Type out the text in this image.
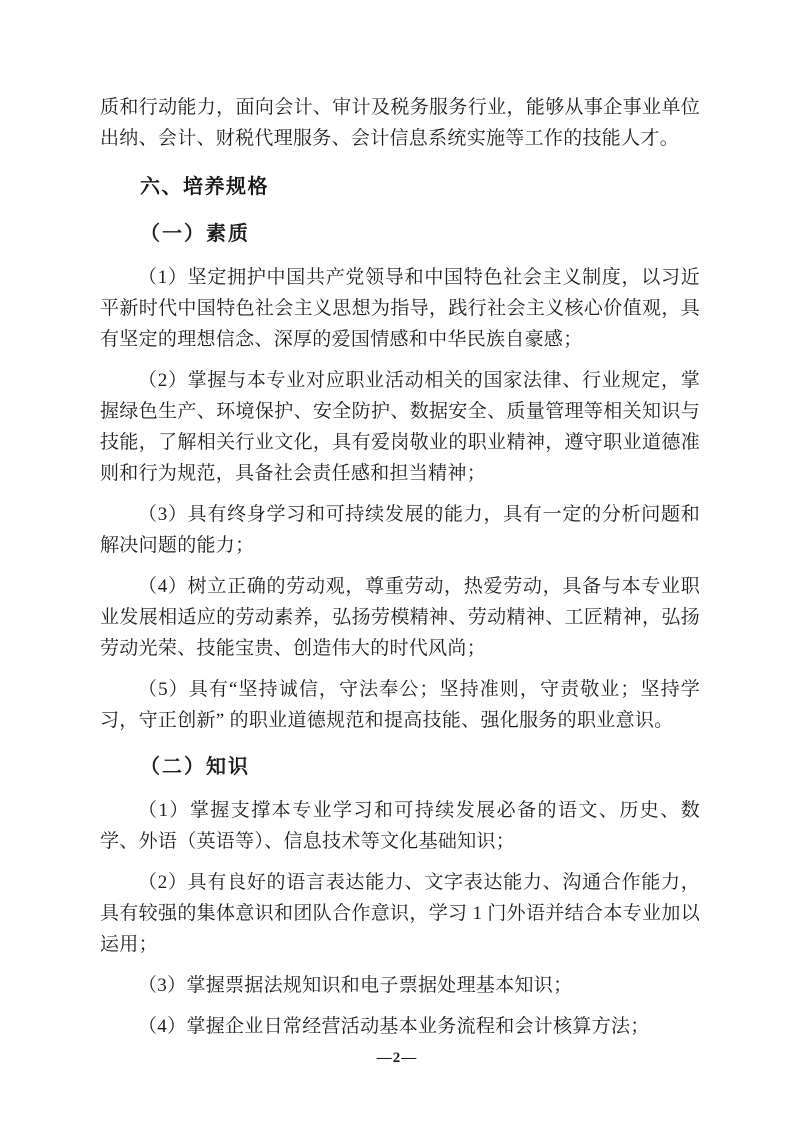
质和行动能力，面向会计、审计及税务服务行业，能够从事企事业单位出纳、会计、财税代理服务、会计信息系统实施等工作的技能人才。

六、培养规格
（一）素质

（1）坚定拥护中国共产党领导和中国特色社会主义制度，以习近平新时代中国特色社会主义思想为指导，践行社会主义核心价值观，具有坚定的理想信念、深厚的爱国情感和中华民族自豪感；

（2）掌握与本专业对应职业活动相关的国家法律、行业规定，掌握绿色生产、环境保护、安全防护、数据安全、质量管理等相关知识与技能，了解相关行业文化，具有爱岗敬业的职业精神，遵守职业道德准则和行为规范，具备社会责任感和担当精神；

（3）具有终身学习和可持续发展的能力，具有一定的分析问题和解决问题的能力；

（4）树立正确的劳动观，尊重劳动，热爱劳动，具备与本专业职业发展相适应的劳动素养，弘扬劳模精神、劳动精神、工匠精神，弘扬劳动光荣、技能宝贵、创造伟大的时代风尚；

（5）具有“坚持诚信，守法奉公；坚持准则，守责敬业；坚持学习，守正创新” 的职业道德规范和提高技能、强化服务的职业意识。

（二）知识

（1）掌握支撑本专业学习和可持续发展必备的语文、历史、数学、外语（英语等）、信息技术等文化基础知识；

（2）具有良好的语言表达能力、文字表达能力、沟通合作能力，具有较强的集体意识和团队合作意识，学习 1 门外语并结合本专业加以运用；

（3）掌握票据法规知识和电子票据处理基本知识；

（4）掌握企业日常经营活动基本业务流程和会计核算方法；

—2—
